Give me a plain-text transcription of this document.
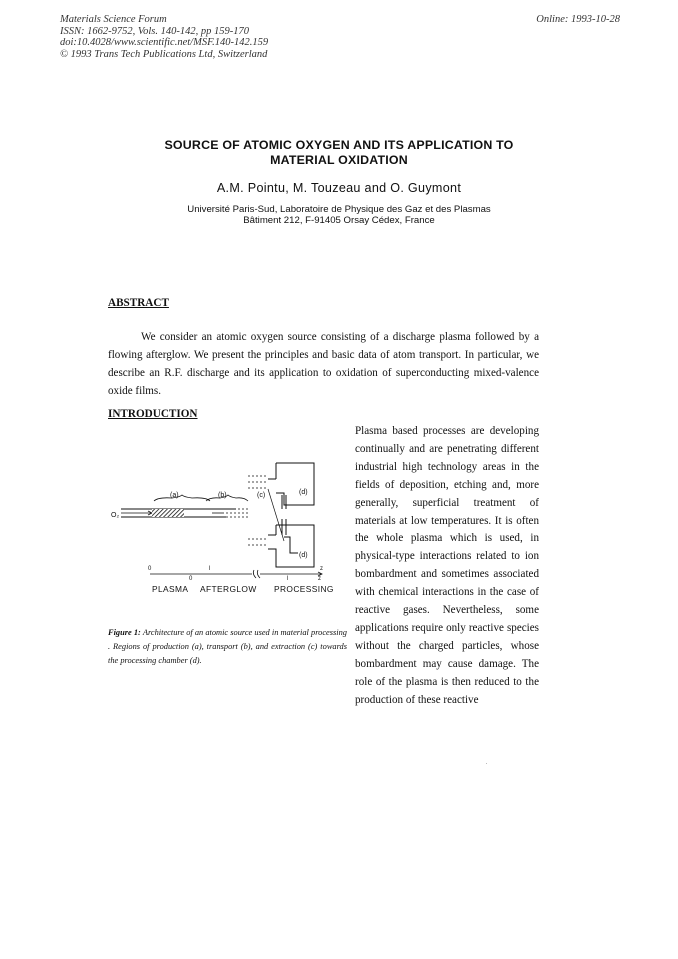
Materials Science Forum
ISSN: 1662-9752, Vols. 140-142, pp 159-170
doi:10.4028/www.scientific.net/MSF.140-142.159
© 1993 Trans Tech Publications Ltd, Switzerland
Online: 1993-10-28
SOURCE OF ATOMIC OXYGEN AND ITS APPLICATION TO
MATERIAL OXIDATION
A.M. Pointu, M. Touzeau and O. Guymont
Université Paris-Sud, Laboratoire de Physique des Gaz et des Plasmas
Bâtiment 212, F-91405 Orsay Cédex, France
ABSTRACT

We consider an atomic oxygen source consisting of a discharge plasma followed by a flowing afterglow. We present the principles and basic data of atom transport. In particular, we describe an R.F. discharge and its application to oxidation of superconducting mixed-valence oxide films.

INTRODUCTION

Plasma based processes are developing continually and are penetrating different industrial high technology areas in the fields of deposition, etching and, more generally, superficial treatment of materials at low temperatures. It is often the whole plasma which is used, in physical-type interactions related to ion bombardment and sometimes associated with chemical interactions in the case of reactive gases. Nevertheless, some applications require only reactive species without the charged particles, whose bombardment may cause damage. The role of the plasma is then reduced to the production of these reactive

(a)	(b)	(c)
O₂
(d)
(d)
0	l	z
0	l	z
PLASMA AFTERGLOW PROCESSING

Figure 1: Architecture of an atomic source used in material processing . Regions of production (a), transport (b), and extraction (c) towards the processing chamber (d).
